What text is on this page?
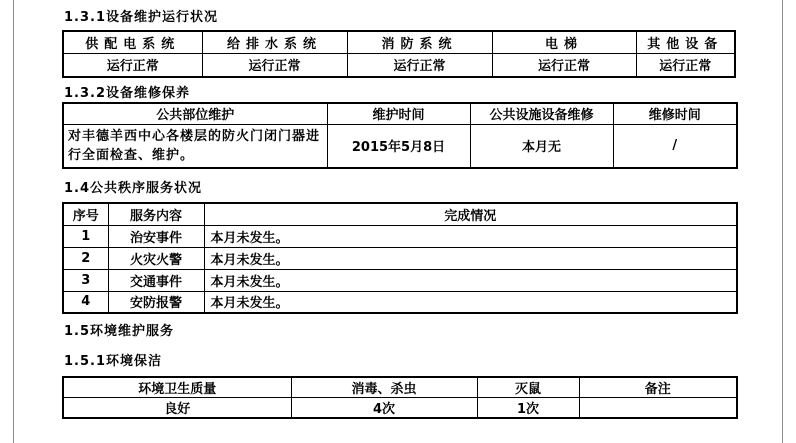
1.3.1设备维护运行状况
供配电系统	给排水系统	消防系统	电梯	其他设备
运行正常	运行正常	运行正常	运行正常	运行正常
1.3.2设备维修保养
公共部位维护	维护时间	公共设施设备维修	维修时间
对丰德羊西中心各楼层的防火门闭门器进行全面检查、维护。	2015年5月8日	本月无	/
1.4公共秩序服务状况
序号	服务内容	完成情况
1	治安事件	本月未发生。
2	火灾火警	本月未发生。
3	交通事件	本月未发生。
4	安防报警	本月未发生。
1.5环境维护服务
1.5.1环境保洁
环境卫生质量	消毒、杀虫	灭鼠	备注
良好	4次	1次	
